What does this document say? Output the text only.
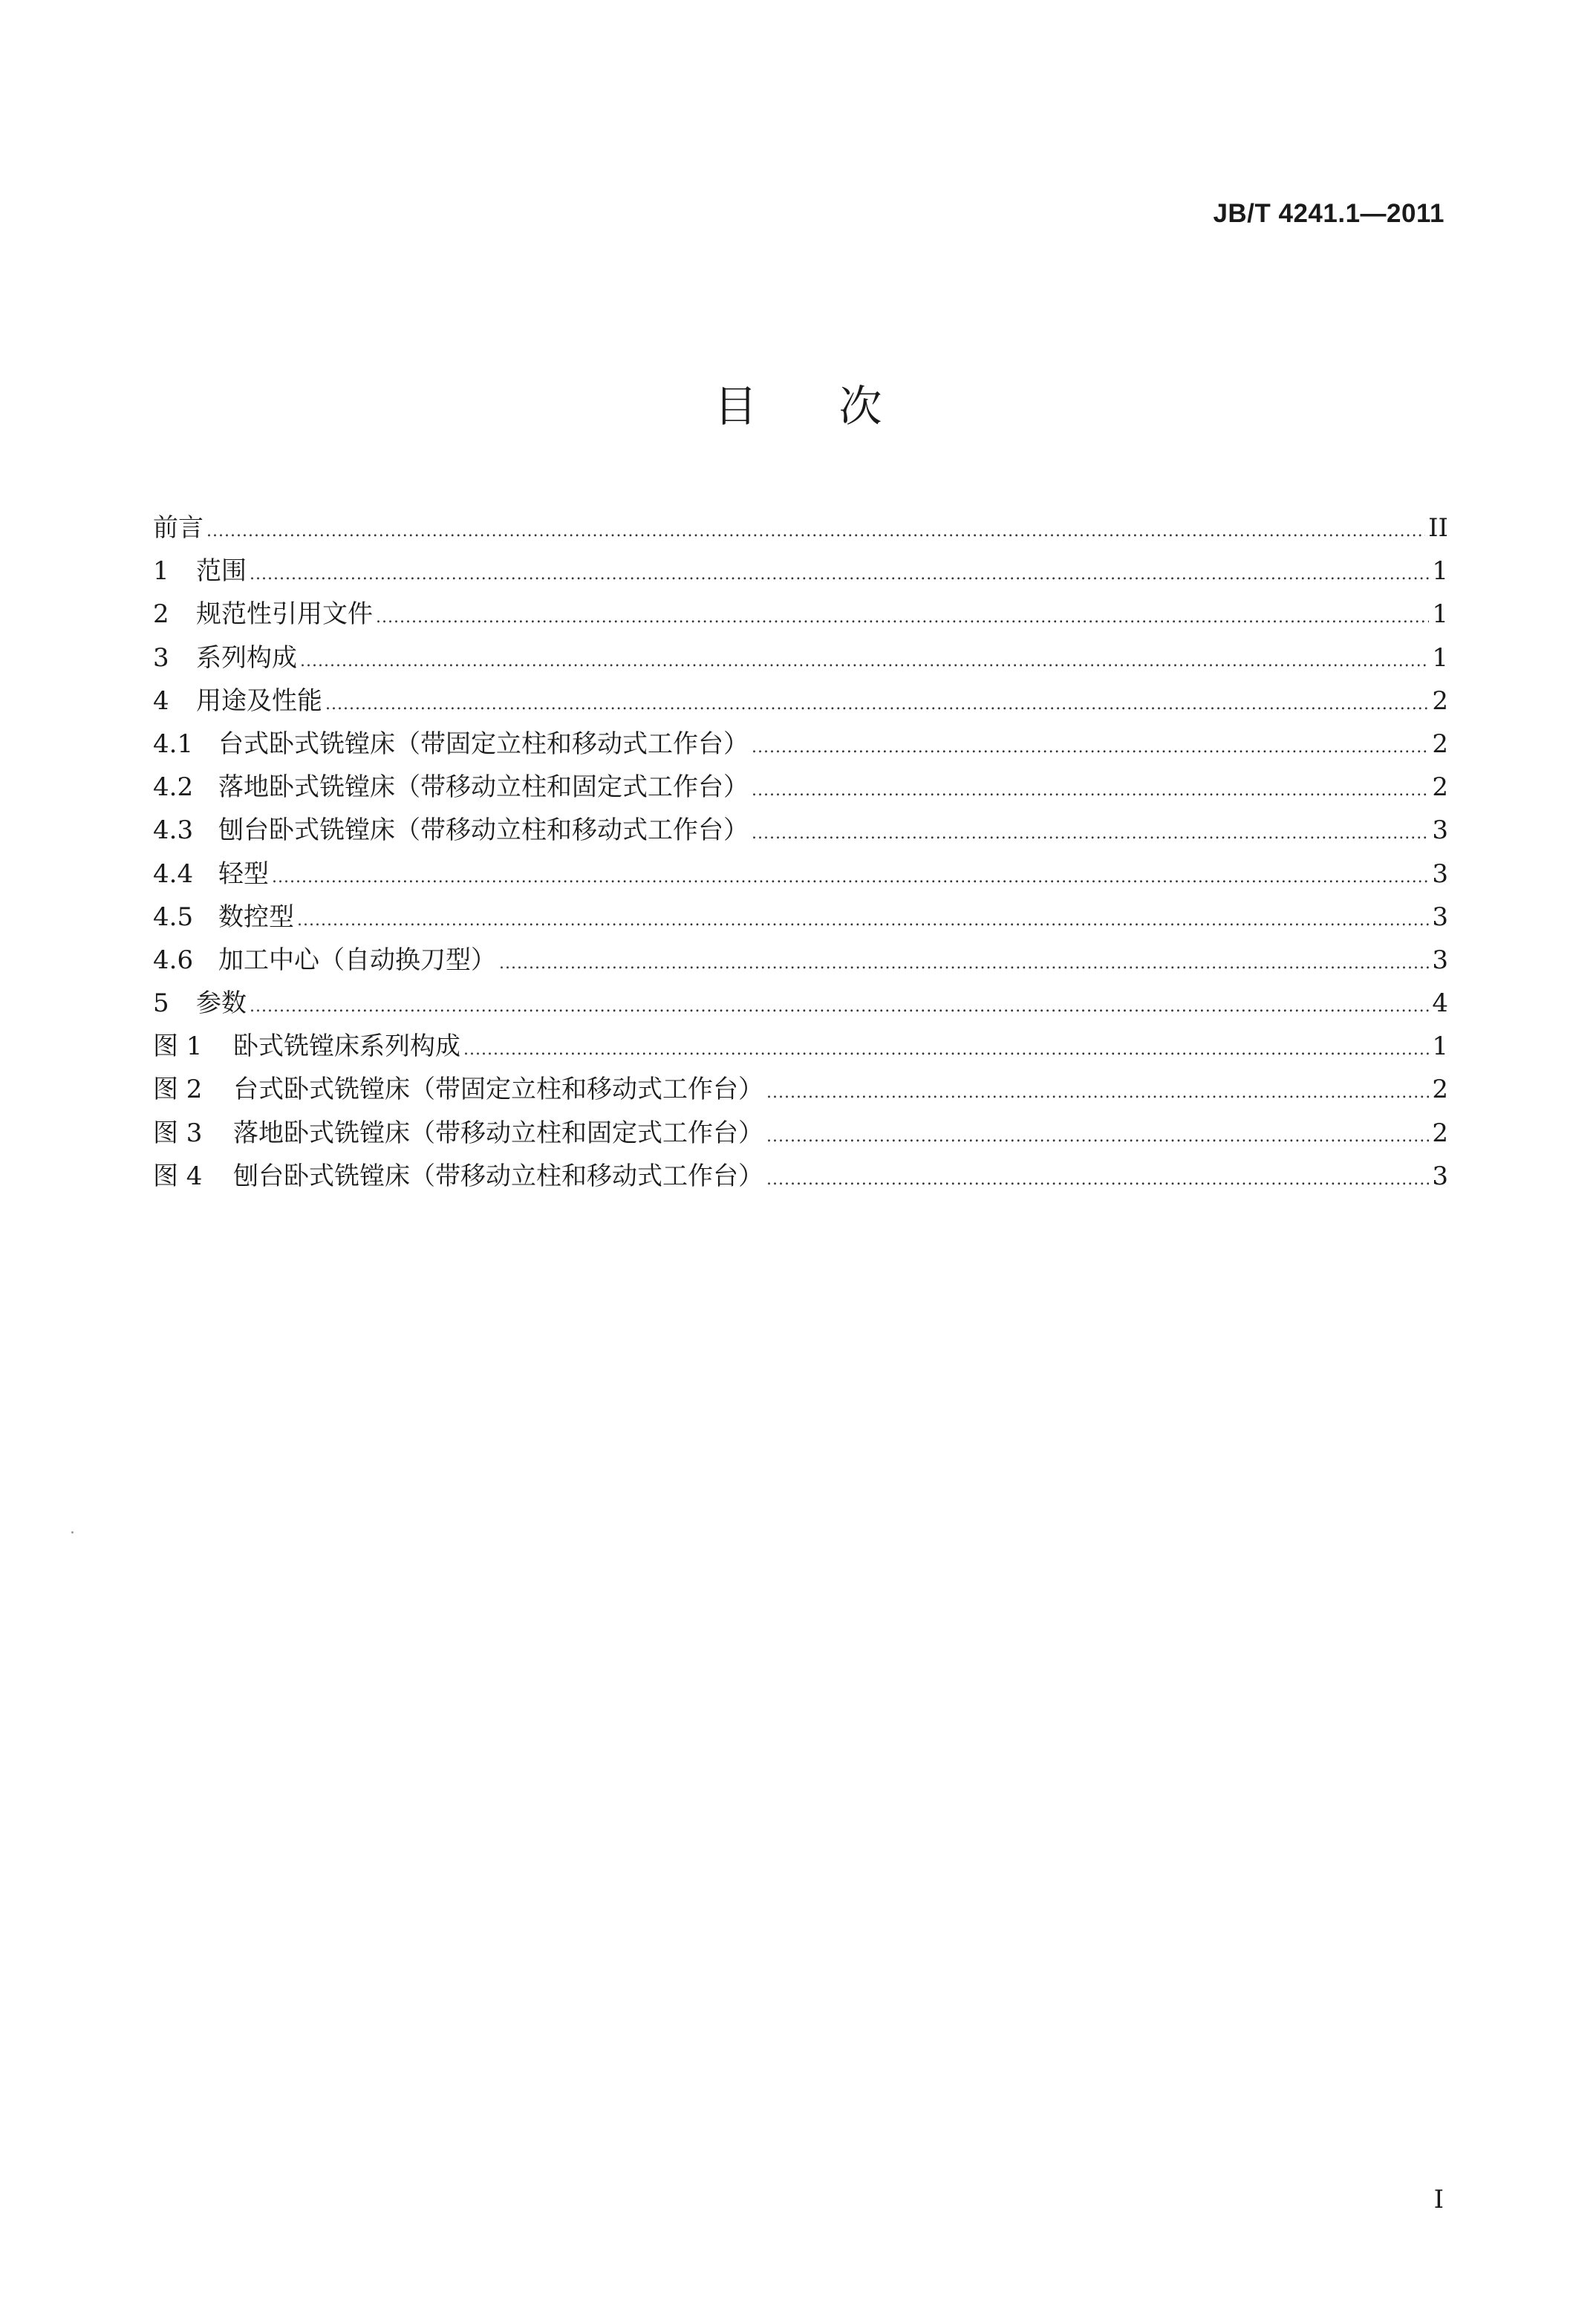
JB/T 4241.1—2011
目次
前言 .....	II
1	范围 .....	1
2	规范性引用文件 .....	1
3	系列构成 .....	1
4	用途及性能 .....	2
4.1 台式卧式铣镗床（带固定立柱和移动式工作台） .....	2
4.2 落地卧式铣镗床（带移动立柱和固定式工作台） .....	2
4.3 刨台卧式铣镗床（带移动立柱和移动式工作台） .....	3
4.4 轻型 .....	3
4.5 数控型 .....	3
4.6 加工中心（自动换刀型） .....	3
5	参数 .....	4
图 1	卧式铣镗床系列构成 .....	1
图 2	台式卧式铣镗床（带固定立柱和移动式工作台） .....	2
图 3	落地卧式铣镗床（带移动立柱和固定式工作台） .....	2
图 4	刨台卧式铣镗床（带移动立柱和移动式工作台） .....	3
I
